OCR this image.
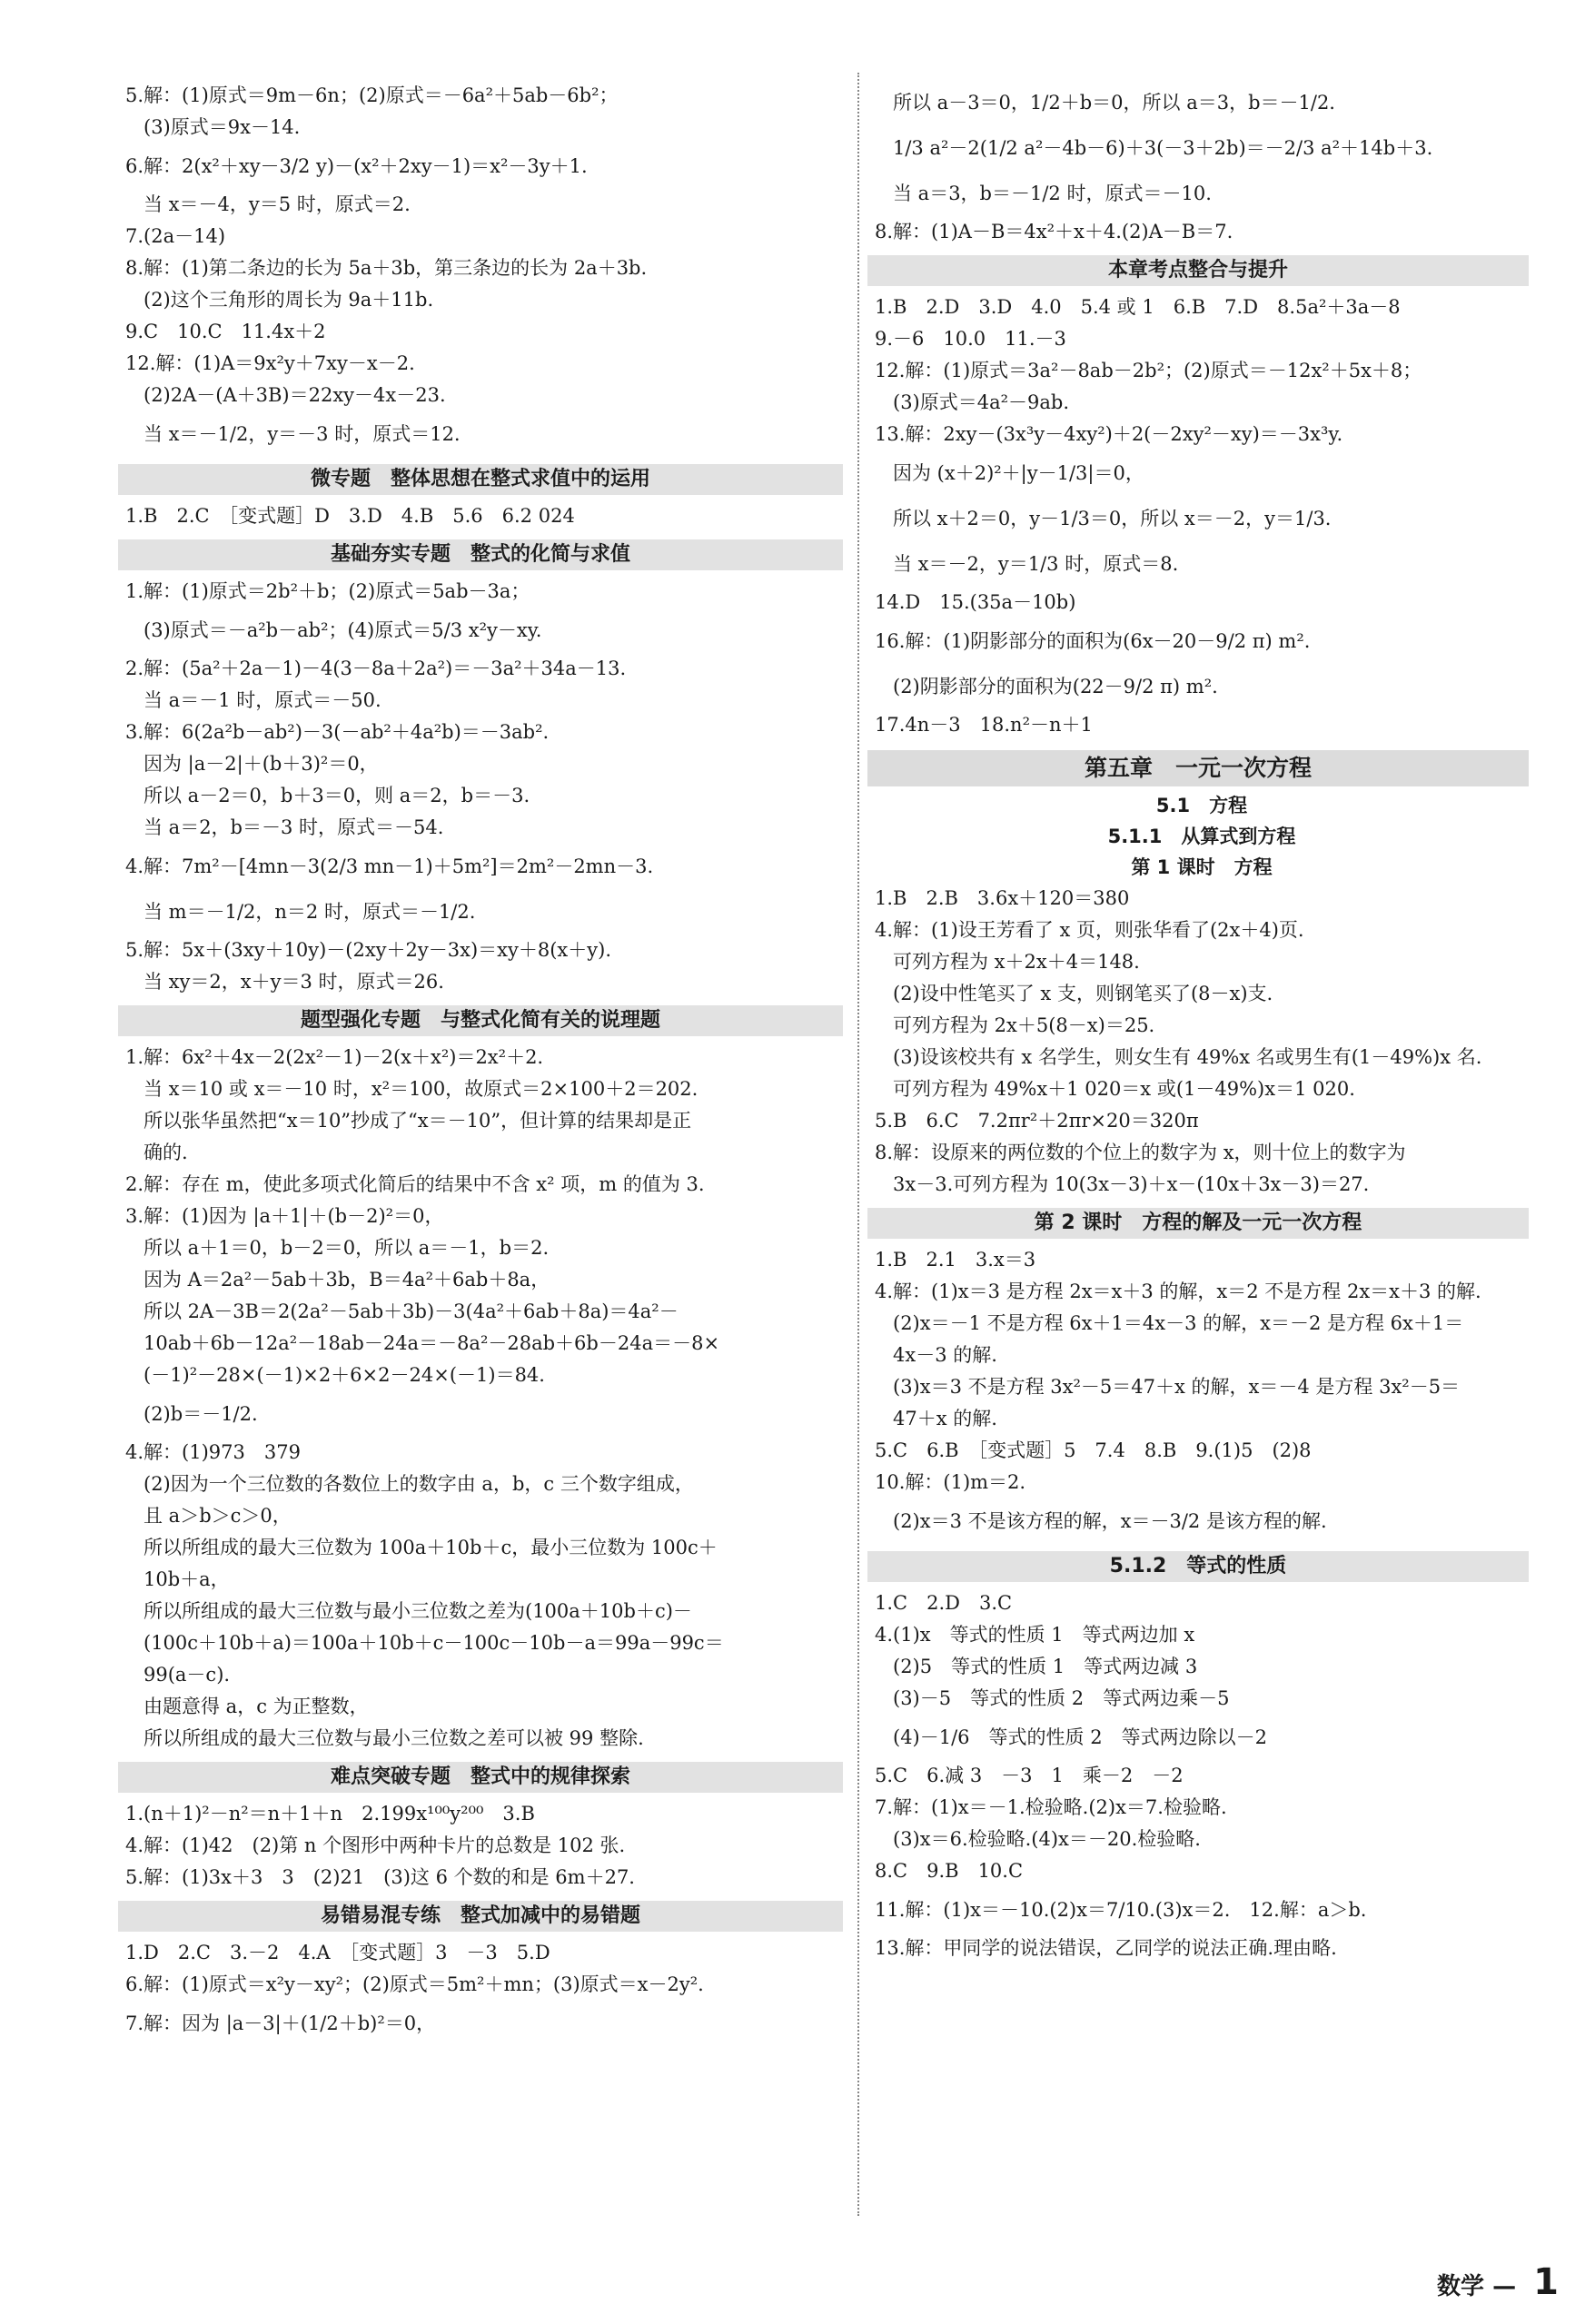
5.解：(1)原式＝9m－6n；(2)原式＝－6a²＋5ab－6b²；
(3)原式＝9x－14.
6.解：2(x²＋xy－3/2 y)－(x²＋2xy－1)＝x²－3y＋1.
当 x＝－4，y＝5 时，原式＝2.
7.(2a－14)
8.解：(1)第二条边的长为 5a＋3b，第三条边的长为 2a＋3b.
(2)这个三角形的周长为 9a＋11b.
9.C　10.C　11.4x＋2
12.解：(1)A＝9x²y＋7xy－x－2.
(2)2A－(A＋3B)＝22xy－4x－23.
当 x＝－1/2，y＝－3 时，原式＝12.
微专题　整体思想在整式求值中的运用
1.B　2.C　［变式题］D　3.D　4.B　5.6　6.2 024
基础夯实专题　整式的化简与求值
1.解：(1)原式＝2b²＋b；(2)原式＝5ab－3a；
(3)原式＝－a²b－ab²；(4)原式＝5/3 x²y－xy.
2.解：(5a²＋2a－1)－4(3－8a＋2a²)＝－3a²＋34a－13.
当 a＝－1 时，原式＝－50.
3.解：6(2a²b－ab²)－3(－ab²＋4a²b)＝－3ab².
因为 |a－2|＋(b＋3)²＝0，
所以 a－2＝0，b＋3＝0，则 a＝2，b＝－3.
当 a＝2，b＝－3 时，原式＝－54.
4.解：7m²－[4mn－3(2/3 mn－1)＋5m²]＝2m²－2mn－3.
当 m＝－1/2，n＝2 时，原式＝－1/2.
5.解：5x＋(3xy＋10y)－(2xy＋2y－3x)＝xy＋8(x＋y).
当 xy＝2，x＋y＝3 时，原式＝26.
题型强化专题　与整式化简有关的说理题
1.解：6x²＋4x－2(2x²－1)－2(x＋x²)＝2x²＋2.
当 x＝10 或 x＝－10 时，x²＝100，故原式＝2×100＋2＝202.
所以张华虽然把“x＝10”抄成了“x＝－10”，但计算的结果却是正
确的.
2.解：存在 m，使此多项式化简后的结果中不含 x² 项，m 的值为 3.
3.解：(1)因为 |a＋1|＋(b－2)²＝0，
所以 a＋1＝0，b－2＝0，所以 a＝－1，b＝2.
因为 A＝2a²－5ab＋3b，B＝4a²＋6ab＋8a，
所以 2A－3B＝2(2a²－5ab＋3b)－3(4a²＋6ab＋8a)＝4a²－
10ab＋6b－12a²－18ab－24a＝－8a²－28ab＋6b－24a＝－8×
(－1)²－28×(－1)×2＋6×2－24×(－1)＝84.
(2)b＝－1/2.
4.解：(1)973　379
(2)因为一个三位数的各数位上的数字由 a，b，c 三个数字组成，
且 a＞b＞c＞0，
所以所组成的最大三位数为 100a＋10b＋c，最小三位数为 100c＋
10b＋a，
所以所组成的最大三位数与最小三位数之差为(100a＋10b＋c)－
(100c＋10b＋a)＝100a＋10b＋c－100c－10b－a＝99a－99c＝
99(a－c).
由题意得 a，c 为正整数，
所以所组成的最大三位数与最小三位数之差可以被 99 整除.
难点突破专题　整式中的规律探索
1.(n＋1)²－n²＝n＋1＋n　2.199x¹⁰⁰y²⁰⁰　3.B
4.解：(1)42　(2)第 n 个图形中两种卡片的总数是 102 张.
5.解：(1)3x＋3　3　(2)21　(3)这 6 个数的和是 6m＋27.
易错易混专练　整式加减中的易错题
1.D　2.C　3.－2　4.A　［变式题］3　－3　5.D
6.解：(1)原式＝x²y－xy²；(2)原式＝5m²＋mn；(3)原式＝x－2y².
7.解：因为 |a－3|＋(1/2＋b)²＝0，
所以 a－3＝0，1/2＋b＝0，所以 a＝3，b＝－1/2.
1/3 a²－2(1/2 a²－4b－6)＋3(－3＋2b)＝－2/3 a²＋14b＋3.
当 a＝3，b＝－1/2 时，原式＝－10.
8.解：(1)A－B＝4x²＋x＋4.(2)A－B＝7.
本章考点整合与提升
1.B　2.D　3.D　4.0　5.4 或 1　6.B　7.D　8.5a²＋3a－8
9.－6　10.0　11.－3
12.解：(1)原式＝3a²－8ab－2b²；(2)原式＝－12x²＋5x＋8；
(3)原式＝4a²－9ab.
13.解：2xy－(3x³y－4xy²)＋2(－2xy²－xy)＝－3x³y.
因为 (x＋2)²＋|y－1/3|＝0，
所以 x＋2＝0，y－1/3＝0，所以 x＝－2，y＝1/3.
当 x＝－2，y＝1/3 时，原式＝8.
14.D　15.(35a－10b)
16.解：(1)阴影部分的面积为(6x－20－9/2 π) m².
(2)阴影部分的面积为(22－9/2 π) m².
17.4n－3　18.n²－n＋1
第五章　一元一次方程
5.1　方程
5.1.1　从算式到方程
第 1 课时　方程
1.B　2.B　3.6x＋120＝380
4.解：(1)设王芳看了 x 页，则张华看了(2x＋4)页.
可列方程为 x＋2x＋4＝148.
(2)设中性笔买了 x 支，则钢笔买了(8－x)支.
可列方程为 2x＋5(8－x)＝25.
(3)设该校共有 x 名学生，则女生有 49%x 名或男生有(1－49%)x 名.
可列方程为 49%x＋1 020＝x 或(1－49%)x＝1 020.
5.B　6.C　7.2πr²＋2πr×20＝320π
8.解：设原来的两位数的个位上的数字为 x，则十位上的数字为
3x－3.可列方程为 10(3x－3)＋x－(10x＋3x－3)＝27.
第 2 课时　方程的解及一元一次方程
1.B　2.1　3.x＝3
4.解：(1)x＝3 是方程 2x＝x＋3 的解，x＝2 不是方程 2x＝x＋3 的解.
(2)x＝－1 不是方程 6x＋1＝4x－3 的解，x＝－2 是方程 6x＋1＝
4x－3 的解.
(3)x＝3 不是方程 3x²－5＝47＋x 的解，x＝－4 是方程 3x²－5＝
47＋x 的解.
5.C　6.B　［变式题］5　7.4　8.B　9.(1)5　(2)8
10.解：(1)m＝2.
(2)x＝3 不是该方程的解，x＝－3/2 是该方程的解.
5.1.2　等式的性质
1.C　2.D　3.C
4.(1)x　等式的性质 1　等式两边加 x
(2)5　等式的性质 1　等式两边减 3
(3)－5　等式的性质 2　等式两边乘－5
(4)－1/6　等式的性质 2　等式两边除以－2
5.C　6.减 3　－3　1　乘－2　－2
7.解：(1)x＝－1.检验略.(2)x＝7.检验略.
(3)x＝6.检验略.(4)x＝－20.检验略.
8.C　9.B　10.C
11.解：(1)x＝－10.(2)x＝7/10.(3)x＝2.　12.解：a＞b.
13.解：甲同学的说法错误，乙同学的说法正确.理由略.
数学 — 1
